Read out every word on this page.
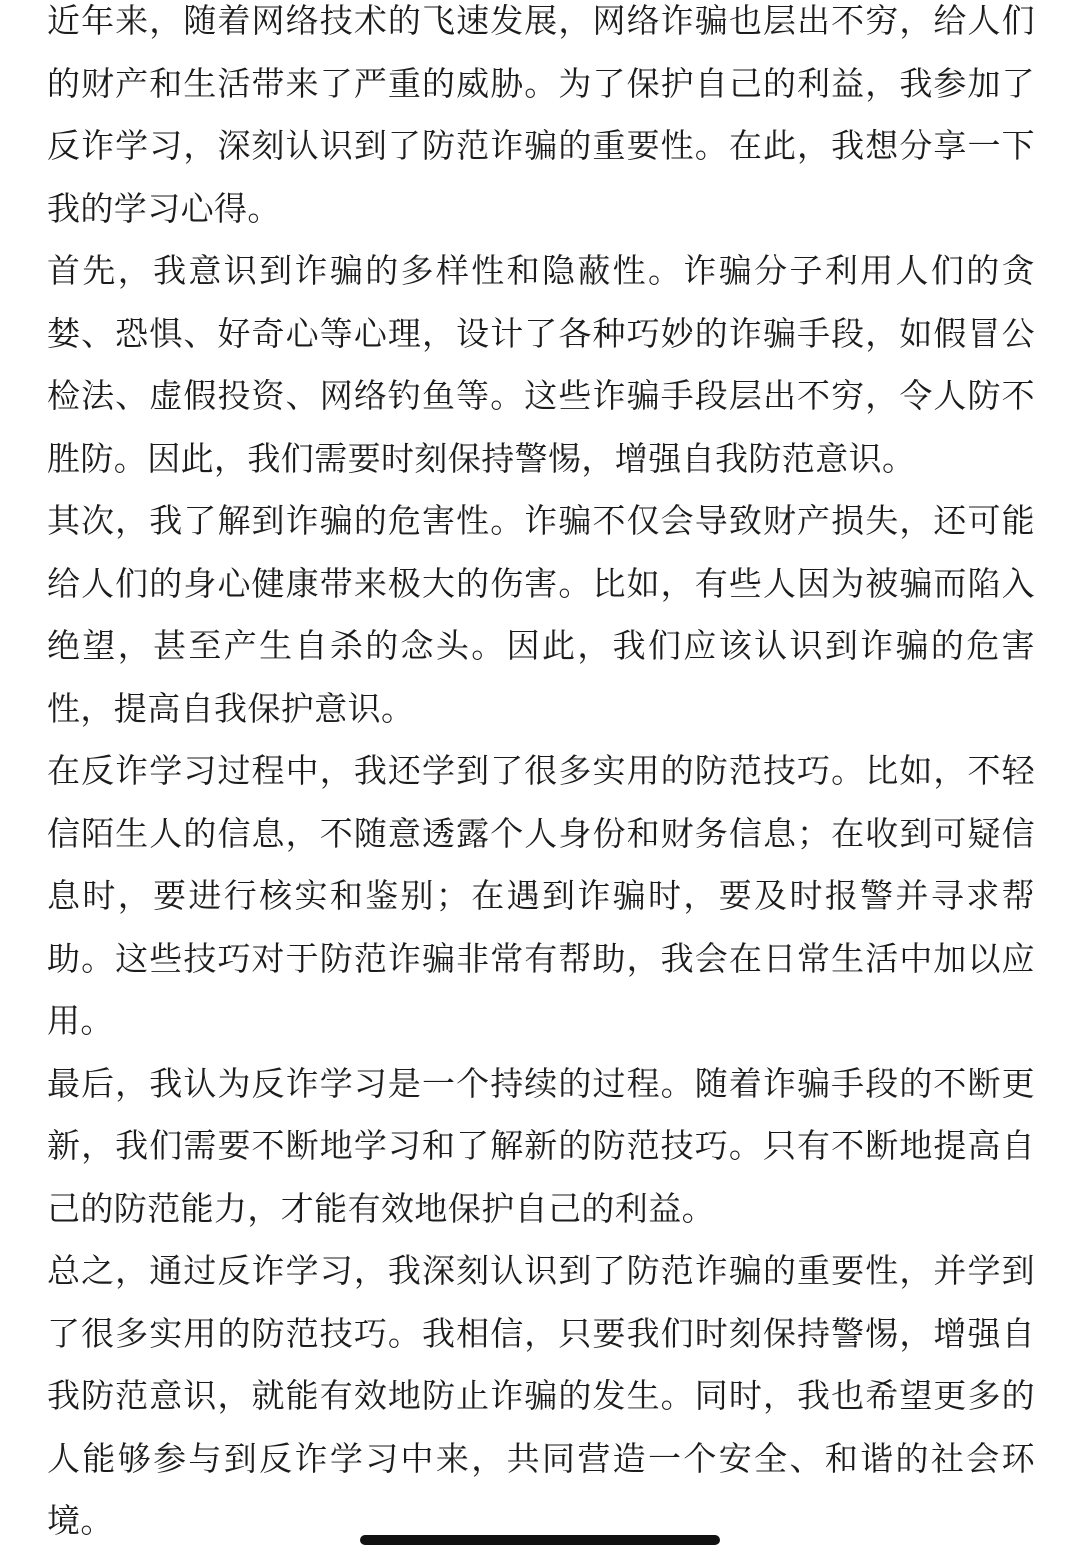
近年来，随着网络技术的飞速发展，网络诈骗也层出不穷，给人们的财产和生活带来了严重的威胁。为了保护自己的利益，我参加了反诈学习，深刻认识到了防范诈骗的重要性。在此，我想分享一下我的学习心得。

首先，我意识到诈骗的多样性和隐蔽性。诈骗分子利用人们的贪婪、恐惧、好奇心等心理，设计了各种巧妙的诈骗手段，如假冒公检法、虚假投资、网络钓鱼等。这些诈骗手段层出不穷，令人防不胜防。因此，我们需要时刻保持警惕，增强自我防范意识。

其次，我了解到诈骗的危害性。诈骗不仅会导致财产损失，还可能给人们的身心健康带来极大的伤害。比如，有些人因为被骗而陷入绝望，甚至产生自杀的念头。因此，我们应该认识到诈骗的危害性，提高自我保护意识。

在反诈学习过程中，我还学到了很多实用的防范技巧。比如，不轻信陌生人的信息，不随意透露个人身份和财务信息；在收到可疑信息时，要进行核实和鉴别；在遇到诈骗时，要及时报警并寻求帮助。这些技巧对于防范诈骗非常有帮助，我会在日常生活中加以应用。

最后，我认为反诈学习是一个持续的过程。随着诈骗手段的不断更新，我们需要不断地学习和了解新的防范技巧。只有不断地提高自己的防范能力，才能有效地保护自己的利益。

总之，通过反诈学习，我深刻认识到了防范诈骗的重要性，并学到了很多实用的防范技巧。我相信，只要我们时刻保持警惕，增强自我防范意识，就能有效地防止诈骗的发生。同时，我也希望更多的人能够参与到反诈学习中来，共同营造一个安全、和谐的社会环境。
